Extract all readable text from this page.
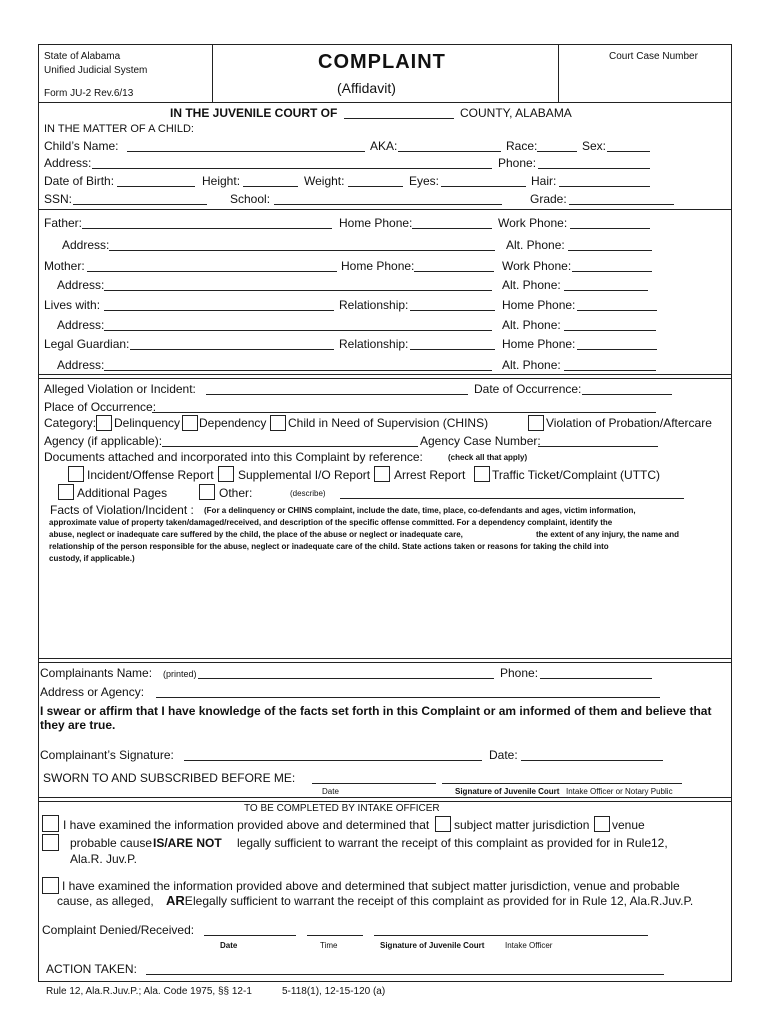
State of Alabama
Unified Judicial System
Form JU-2 Rev.6/13
COMPLAINT
(Affidavit)
Court Case Number
IN THE JUVENILE COURT OF	COUNTY, ALABAMA
IN THE MATTER OF A CHILD:
Child’s Name:	AKA:	Race:	Sex:
Address:	Phone:
Date of Birth:	Height:	Weight:	Eyes:	Hair:
SSN:	School:	Grade:
Father:	Home Phone:	Work Phone:
Address:	Alt. Phone:
Mother:	Home Phone:	Work Phone:
Address:	Alt. Phone:
Lives with:	Relationship:	Home Phone:
Address:	Alt. Phone:
Legal Guardian:	Relationship:	Home Phone:
Address:	Alt. Phone:
Alleged Violation or Incident:	Date of Occurrence:
Place of Occurrence:
Category: Delinquency Dependency Child in Need of Supervision (CHINS)	Violation of Probation/Aftercare
Agency (if applicable):	Agency Case Number:
Documents attached and incorporated into this Complaint by reference:	(check all that apply)
Incident/Offense Report Supplemental I/O Report Arrest Report Traffic Ticket/Complaint (UTTC)
Additional Pages	Other:	(describe)
Facts of Violation/Incident : (For a delinquency or CHINS complaint, include the date, time, place, co-defendants and ages, victim information,
approximate value of property taken/damaged/received, and description of the specific offense committed. For a dependency complaint, identify the
abuse, neglect or inadequate care suffered by the child, the place of the abuse or neglect or inadequate care,	the extent of any injury, the name and
relationship of the person responsible for the abuse, neglect or inadequate care of the child. State actions taken or reasons for taking the child into
custody, if applicable.)
Complainants Name: (printed)	Phone:
Address or Agency:
I swear or affirm that I have knowledge of the facts set forth in this Complaint or am informed of them and believe that they are true.
Complainant’s Signature:	Date:
SWORN TO AND SUBSCRIBED BEFORE ME:
Date	Signature of Juvenile Court Intake Officer or Notary Public
TO BE COMPLETED BY INTAKE OFFICER
I have examined the information provided above and determined that subject matter jurisdiction venue
probable cause IS/ARE NOT legally sufficient to warrant the receipt of this complaint as provided for in Rule12,
Ala.R. Juv.P.
I have examined the information provided above and determined that subject matter jurisdiction, venue and probable
cause, as alleged, ARE legally sufficient to warrant the receipt of this complaint as provided for in Rule 12, Ala.R.Juv.P.
Complaint Denied/Received:
Date	Time	Signature of Juvenile Court	Intake Officer
ACTION TAKEN:
Rule 12, Ala.R.Juv.P.; Ala. Code 1975, §§ 12-1	5-118(1), 12-15-120 (a)
